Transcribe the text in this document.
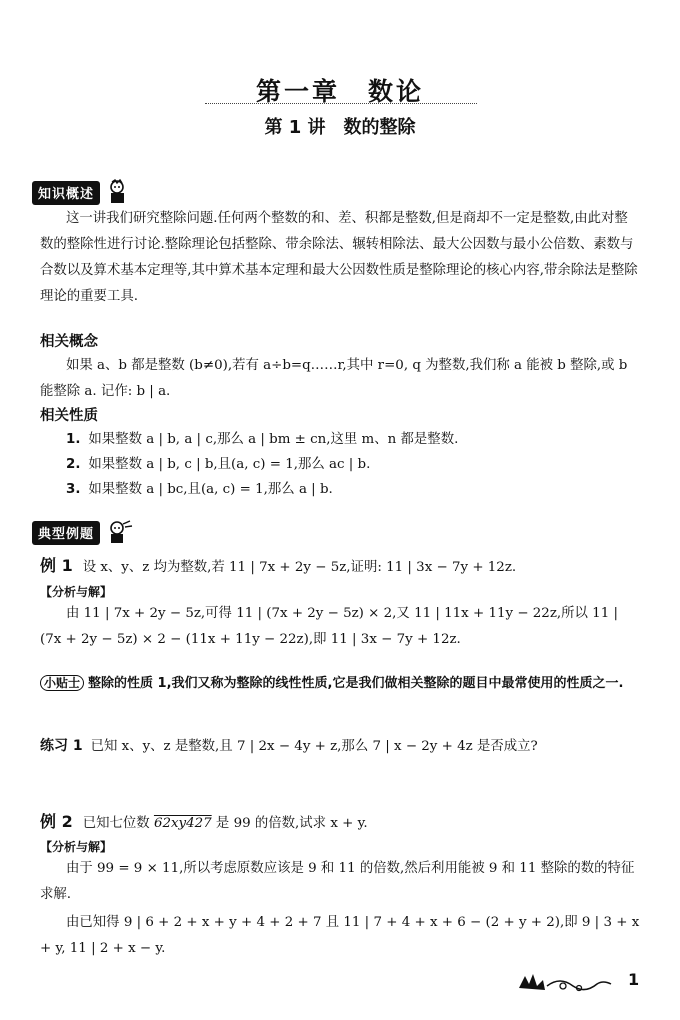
第一章　数论
第 1 讲　数的整除
知识概述
这一讲我们研究整除问题.任何两个整数的和、差、积都是整数,但是商却不一定是整数,由此对整数的整除性进行讨论.整除理论包括整除、带余除法、辗转相除法、最大公因数与最小公倍数、素数与合数以及算术基本定理等,其中算术基本定理和最大公因数性质是整除理论的核心内容,带余除法是整除理论的重要工具.
相关概念
如果 a、b 都是整数 (b≠0),若有 a÷b=q……r,其中 r=0, q 为整数,我们称 a 能被 b 整除,或 b 能整除 a. 记作: b | a.
相关性质
1. 如果整数 a | b, a | c,那么 a | bm ± cn,这里 m、n 都是整数.
2. 如果整数 a | b, c | b,且(a, c) = 1,那么 ac | b.
3. 如果整数 a | bc,且(a, c) = 1,那么 a | b.
典型例题
例 1 设 x、y、z 均为整数,若 11 | 7x + 2y − 5z,证明: 11 | 3x − 7y + 12z.
【分析与解】
由 11 | 7x + 2y − 5z,可得 11 | (7x + 2y − 5z) × 2,又 11 | 11x + 11y − 22z,所以 11 | (7x + 2y − 5z) × 2 − (11x + 11y − 22z),即 11 | 3x − 7y + 12z.
小贴士 整除的性质 1,我们又称为整除的线性性质,它是我们做相关整除的题目中最常使用的性质之一.
练习 1 已知 x、y、z 是整数,且 7 | 2x − 4y + z,那么 7 | x − 2y + 4z 是否成立?
例 2 已知七位数 62xy427 是 99 的倍数,试求 x + y.
【分析与解】
由于 99 = 9 × 11,所以考虑原数应该是 9 和 11 的倍数,然后利用能被 9 和 11 整除的数的特征求解.
由已知得 9 | 6 + 2 + x + y + 4 + 2 + 7 且 11 | 7 + 4 + x + 6 − (2 + y + 2),即 9 | 3 + x + y, 11 | 2 + x − y.
1
